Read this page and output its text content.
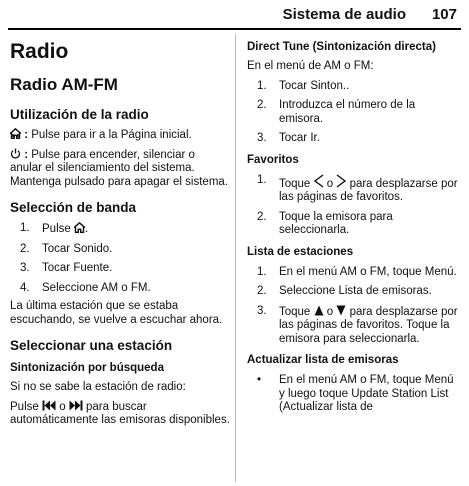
Sistema de audio 107
Radio
Radio AM-FM
Utilización de la radio
: Pulse para ir a la Página inicial.
: Pulse para encender, silenciar o anular el silenciamiento del sistema. Mantenga pulsado para apagar el sistema.
Selección de banda
1. Pulse .
2. Tocar Sonido.
3. Tocar Fuente.
4. Seleccione AM o FM.
La última estación que se estaba escuchando, se vuelve a escuchar ahora.
Seleccionar una estación
Sintonización por búsqueda
Si no se sabe la estación de radio:
Pulse o para buscar automáticamente las emisoras disponibles.
Direct Tune (Sintonización directa)
En el menú de AM o FM:
1. Tocar Sinton..
2. Introduzca el número de la emisora.
3. Tocar Ir.
Favoritos
1. Toque o para desplazarse por las páginas de favoritos.
2. Toque la emisora para seleccionarla.
Lista de estaciones
1. En el menú AM o FM, toque Menú.
2. Seleccione Lista de emisoras.
3. Toque o para desplazarse por las páginas de favoritos. Toque la emisora para seleccionarla.
Actualizar lista de emisoras
• En el menú AM o FM, toque Menú y luego toque Update Station List (Actualizar lista de
